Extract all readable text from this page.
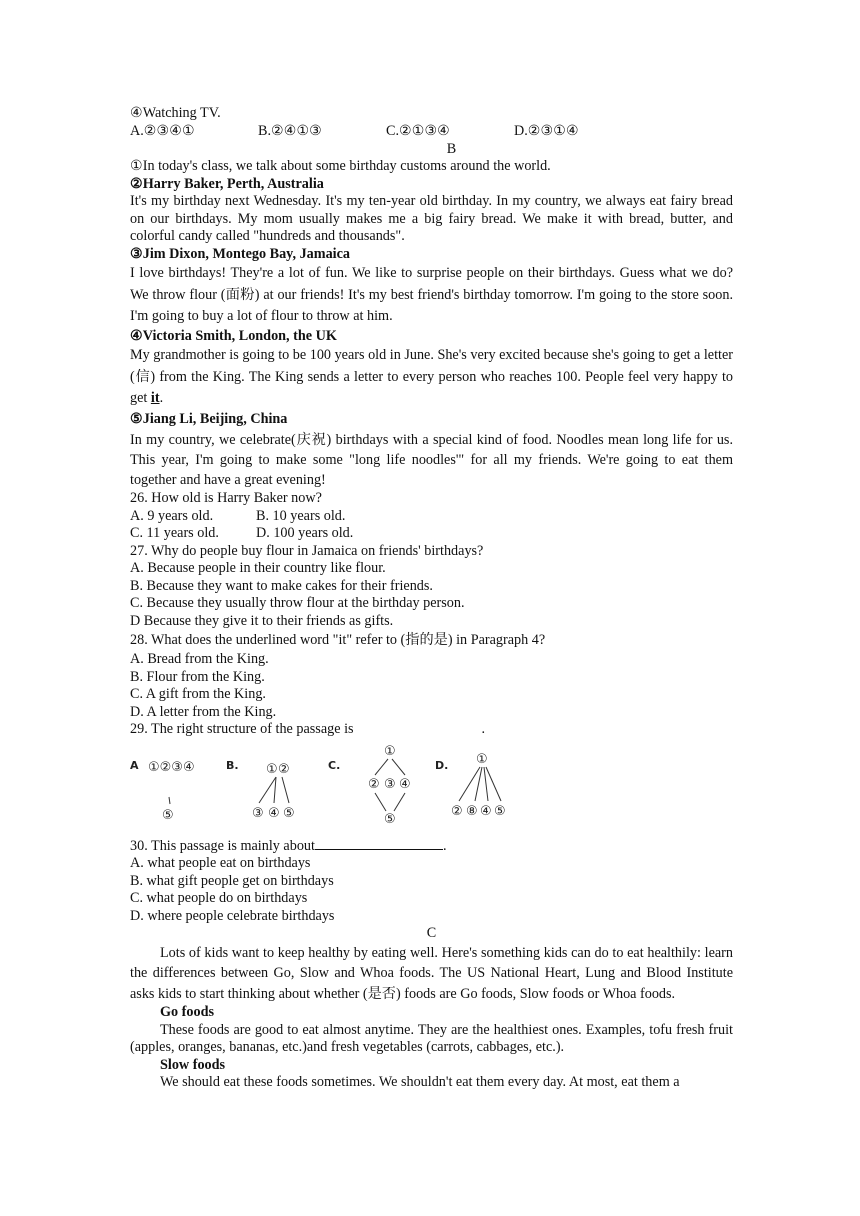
④Watching TV.
A.②③④①	B.②④①③	C.②①③④	D.②③①④
B
①In today's class, we talk about some birthday customs around the world.
②Harry Baker, Perth, Australia
It's my birthday next Wednesday. It's my ten-year old birthday. In my country, we always eat fairy bread on our birthdays. My mom usually makes me a big fairy bread. We make it with bread, butter, and colorful candy called "hundreds and thousands".
③Jim Dixon, Montego Bay, Jamaica
I love birthdays! They're a lot of fun. We like to surprise people on their birthdays. Guess what we do? We throw flour (面粉) at our friends! It's my best friend's birthday tomorrow. I'm going to the store soon. I'm going to buy a lot of flour to throw at him.
④Victoria Smith, London, the UK
My grandmother is going to be 100 years old in June. She's very excited because she's going to get a letter (信) from the King. The King sends a letter to every person who reaches 100. People feel very happy to get it.
⑤Jiang Li, Beijing, China
In my country, we celebrate(庆祝) birthdays with a special kind of food. Noodles mean long life for us. This year, I'm going to make some "long life noodles'" for all my friends. We're going to eat them together and have a great evening!
26. How old is Harry Baker now?
A. 9 years old.	B. 10 years old.
C. 11 years old.	D. 100 years old.
27. Why do people buy flour in Jamaica on friends' birthdays?
A. Because people in their country like flour.
B. Because they want to make cakes for their friends.
C. Because they usually throw flour at the birthday person.
D Because they give it to their friends as gifts.
28. What does the underlined word "it" refer to (指的是) in Paragraph 4?
A. Bread from the King.
B. Flour from the King.
C. A gift from the King.
D. A letter from the King.
29. The right structure of the passage is	.
A ①②③④
⑤
B. ① ②
③ ④ ⑤
C.
①
② ③ ④
⑤
D. ①
② ⑧ ④ ⑤
30. This passage is mainly about	.
A. what people eat on birthdays
B. what gift people get on birthdays
C. what people do on birthdays
D. where people celebrate birthdays
C
Lots of kids want to keep healthy by eating well. Here's something kids can do to eat healthily: learn the differences between Go, Slow and Whoa foods. The US National Heart, Lung and Blood Institute asks kids to start thinking about whether (是否) foods are Go foods, Slow foods or Whoa foods.
Go foods
These foods are good to eat almost anytime. They are the healthiest ones. Examples, tofu fresh fruit (apples, oranges, bananas, etc.)and fresh vegetables (carrots, cabbages, etc.).
Slow foods
We should eat these foods sometimes. We shouldn't eat them every day. At most, eat them a
